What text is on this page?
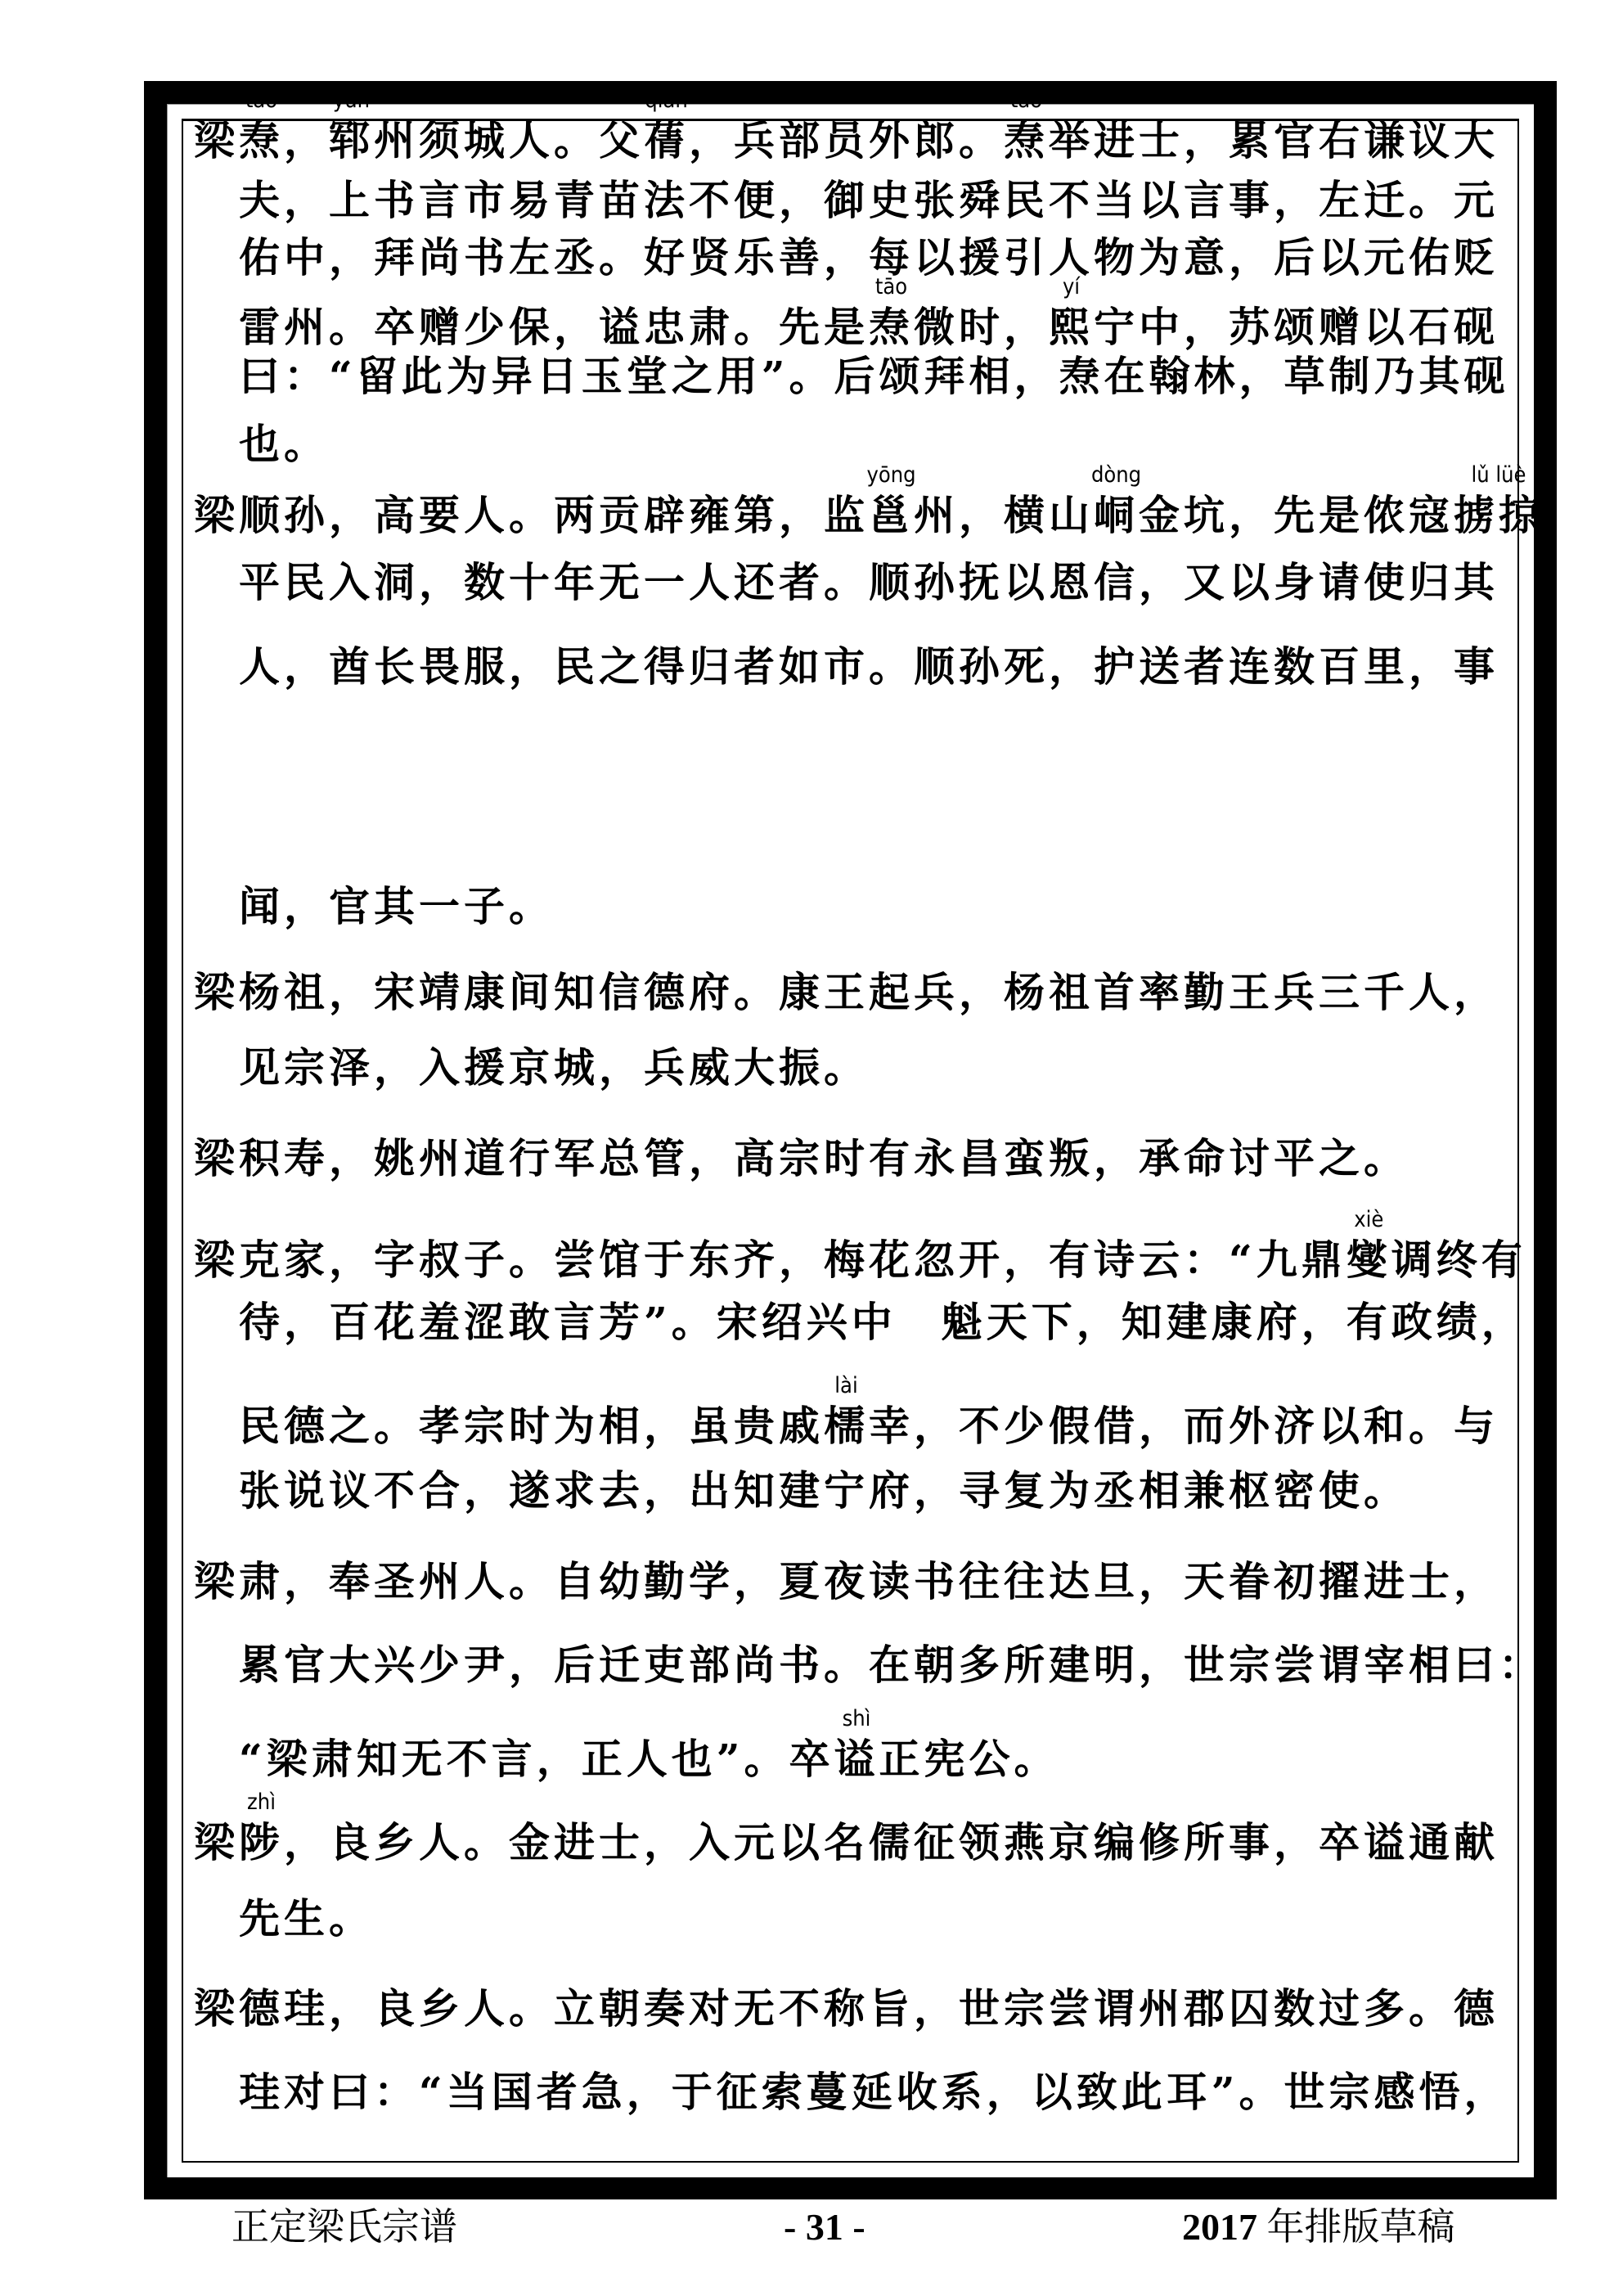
梁
tāo
焘，
yùn
郓州须城人。父
qiàn
蒨，兵部员外郎。
tāo
焘举进士，累官右谦议大
夫，上书言市易青苗法不便，御史张舜民不当以言事，左迁。元
佑中，拜尚书左丞。好贤乐善，每以援引人物为意，后以元佑贬
雷州。卒赠少保，谥忠肃。先是
tāo
焘微时，
yí
熙宁中，苏颂赠以石砚
曰：“留此为异日玉堂之用”。后颂拜相，焘在翰林，草制乃其砚
也。
梁顺孙，高要人。两贡辟雍第，监
yōng
邕州，横山
dòng
峒金坑，先是侬寇
lǔ lüè
掳掠
平民入洞，数十年无一人还者。顺孙抚以恩信，又以身请使归其
人，酋长畏服，民之得归者如市。顺孙死，护送者连数百里，事
闻，官其一子。
梁杨祖，宋靖康间知信德府。康王起兵，杨祖首率勤王兵三千人，
见宗泽，入援京城，兵威大振。
梁积寿，姚州道行军总管，高宗时有永昌蛮叛，承命讨平之。
梁克家，字叔子。尝馆于东齐，梅花忽开，有诗云：“九鼎
xiè
燮调终有
待，百花羞涩敢言芳”。宋绍兴中　魁天下，知建康府，有政绩，
民德之。孝宗时为相，虽贵戚
lài
檽幸，不少假借，而外济以和。与
张说议不合，遂求去，出知建宁府，寻复为丞相兼枢密使。
梁肃，奉圣州人。自幼勤学，夏夜读书往往达旦，天眷初擢进士，
累官大兴少尹，后迁吏部尚书。在朝多所建明，世宗尝谓宰相曰：
“梁肃知无不言，正人也”。卒
shì
谥正宪公。
梁
zhì
陟，良乡人。金进士，入元以名儒征领燕京编修所事，卒谥通献
先生。
梁德珪，良乡人。立朝奏对无不称旨，世宗尝谓州郡囚数过多。德
珪对曰：“当国者急，于征索蔓延收系，以致此耳”。世宗感悟，
正定梁氏宗谱	- 31 -	2017 年排版草稿
